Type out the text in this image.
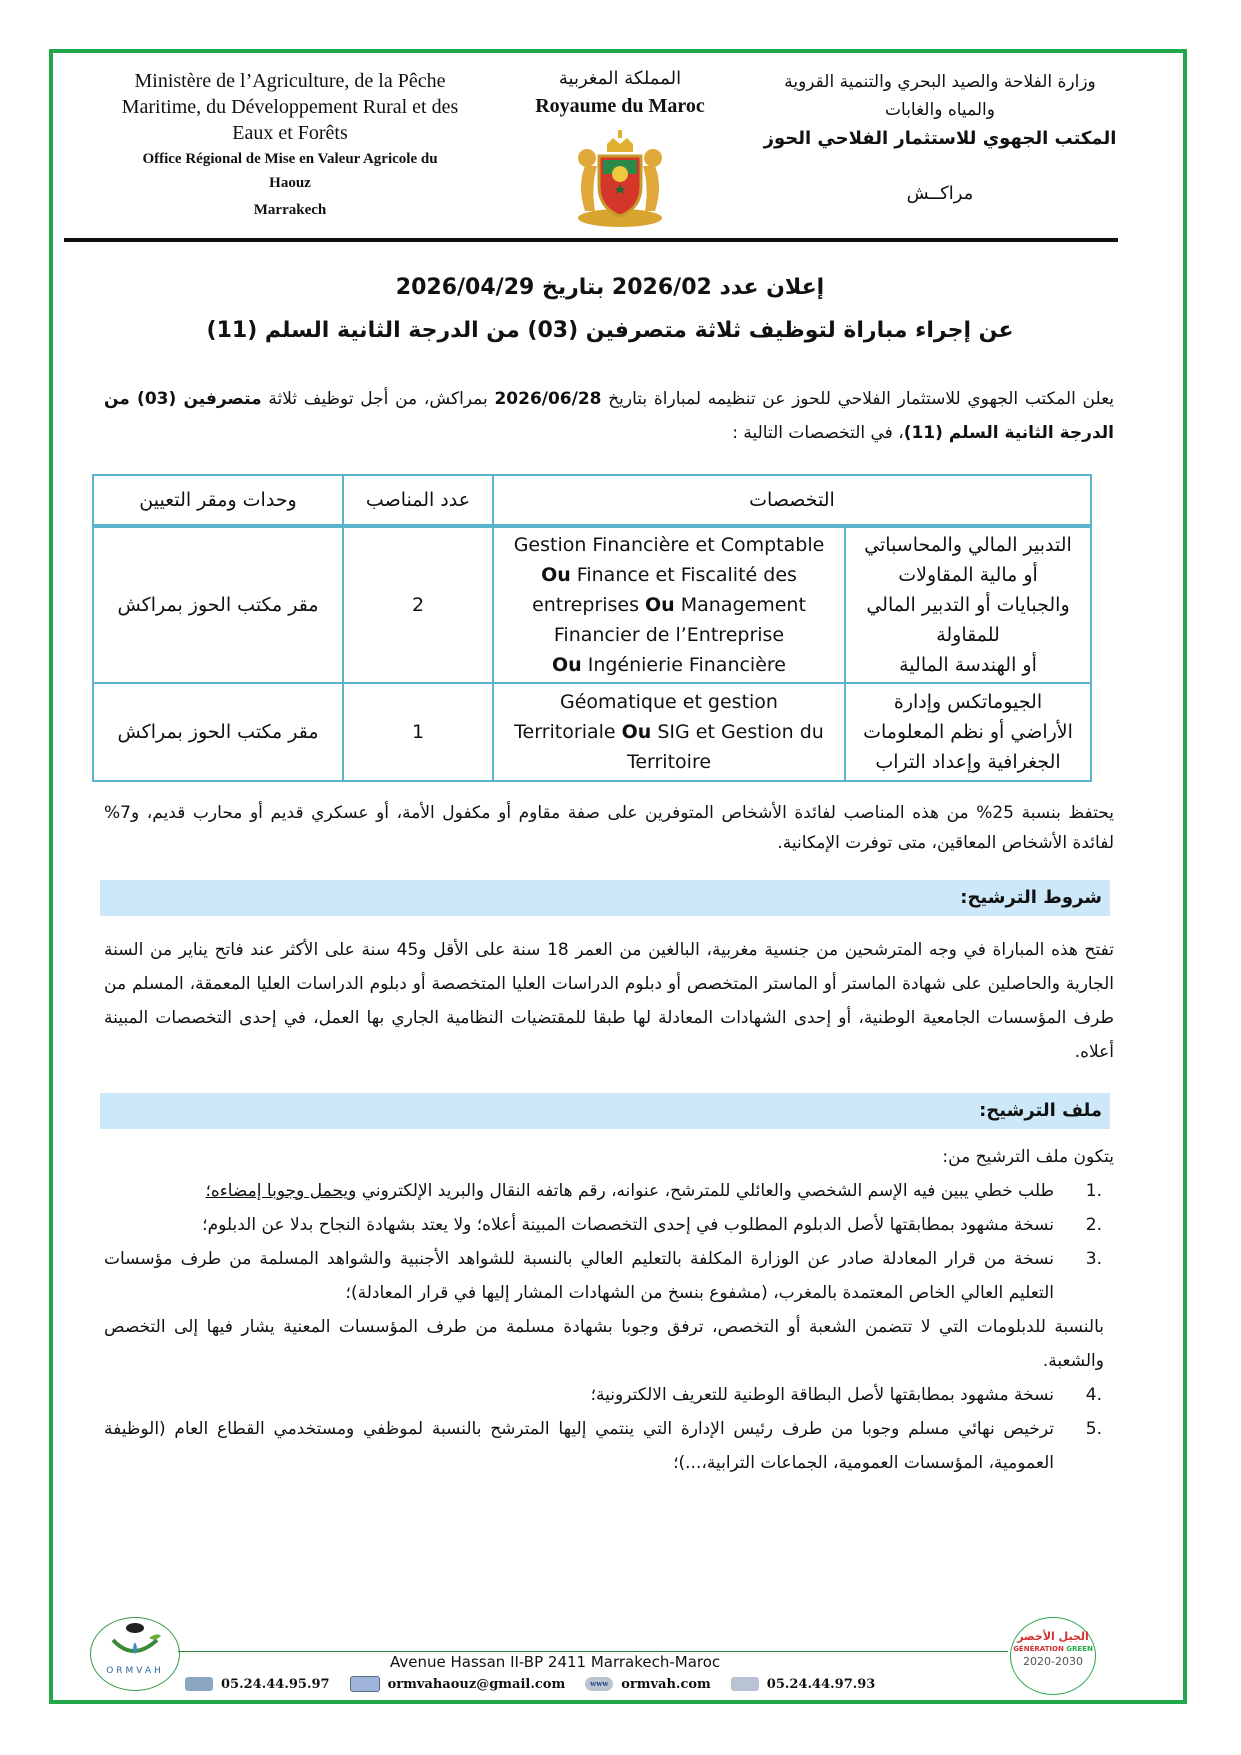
Ministère de l’Agriculture, de la Pêche
Maritime, du Développement Rural et des
Eaux et Forêts
Office Régional de Mise en Valeur Agricole du
Haouz
Marrakech
المملكة المغربية
Royaume du Maroc
وزارة الفلاحة والصيد البحري والتنمية القروية
والمياه والغابات
المكتب الجهوي للاستثمار الفلاحي الحوز
مراكــش
إعلان عدد 2026/02 بتاريخ 2026/04/29
عن إجراء مباراة لتوظيف ثلاثة متصرفين (03) من الدرجة الثانية السلم (11)
يعلن المكتب الجهوي للاستثمار الفلاحي للحوز عن تنظيمه لمباراة بتاريخ 2026/06/28 بمراكش، من أجل توظيف ثلاثة متصرفين (03) من الدرجة الثانية السلم (11)، في التخصصات التالية :
التخصصات		عدد المناصب	وحدات ومقر التعيين

التدبير المالي والمحاسباتي
أو مالية المقاولات
والجبايات أو التدبير المالي
للمقاولة
أو الهندسة المالية

Gestion Financière et Comptable
Ou Finance et Fiscalité des
entreprises Ou Management
Financier de l’Entreprise
Ou Ingénierie Financière
	2	مقر مكتب الحوز بمراكش

الجيوماتكس وإدارة
الأراضي أو نظم المعلومات
الجغرافية وإعداد التراب

Géomatique et gestion
Territoriale Ou SIG et Gestion du
Territoire
	1	مقر مكتب الحوز بمراكش
يحتفظ بنسبة 25% من هذه المناصب لفائدة الأشخاص المتوفرين على صفة مقاوم أو مكفول الأمة، أو عسكري قديم أو محارب قديم، و7% لفائدة الأشخاص المعاقين، متى توفرت الإمكانية.
شروط الترشيح:
تفتح هذه المباراة في وجه المترشحين من جنسية مغربية، البالغين من العمر 18 سنة على الأقل و45 سنة على الأكثر عند فاتح يناير من السنة الجارية والحاصلين على شهادة الماستر أو الماستر المتخصص أو دبلوم الدراسات العليا المتخصصة أو دبلوم الدراسات العليا المعمقة، المسلم من طرف المؤسسات الجامعية الوطنية، أو إحدى الشهادات المعادلة لها طبقا للمقتضيات النظامية الجاري بها العمل، في إحدى التخصصات المبينة أعلاه.
ملف الترشيح:
يتكون ملف الترشيح من:
.1
طلب خطي يبين فيه الإسم الشخصي والعائلي للمترشح، عنوانه، رقم هاتفه النقال والبريد الإلكتروني ويحمل وجوبا إمضاءه؛
.2
نسخة مشهود بمطابقتها لأصل الدبلوم المطلوب في إحدى التخصصات المبينة أعلاه؛ ولا يعتد بشهادة النجاح بدلا عن الدبلوم؛
.3
نسخة من قرار المعادلة صادر عن الوزارة المكلفة بالتعليم العالي بالنسبة للشواهد الأجنبية والشواهد المسلمة من طرف مؤسسات التعليم العالي الخاص المعتمدة بالمغرب، (مشفوع بنسخ من الشهادات المشار إليها في قرار المعادلة)؛
بالنسبة للدبلومات التي لا تتضمن الشعبة أو التخصص، ترفق وجوبا بشهادة مسلمة من طرف المؤسسات المعنية يشار فيها إلى التخصص والشعبة.
.4
نسخة مشهود بمطابقتها لأصل البطاقة الوطنية للتعريف الالكترونية؛
.5
ترخيص نهائي مسلم وجوبا من طرف رئيس الإدارة التي ينتمي إليها المترشح بالنسبة لموظفي ومستخدمي القطاع العام (الوظيفة العمومية، المؤسسات العمومية، الجماعات الترابية،...)؛
ORMVAH	Avenue Hassan II-BP 2411 Marrakech-Maroc
05.24.44.95.97	ormvahaouz@gmail.com	www ormvah.com	05.24.44.97.93
الجيل الأخضر
GÉNÉRATION GREEN
2020-2030
